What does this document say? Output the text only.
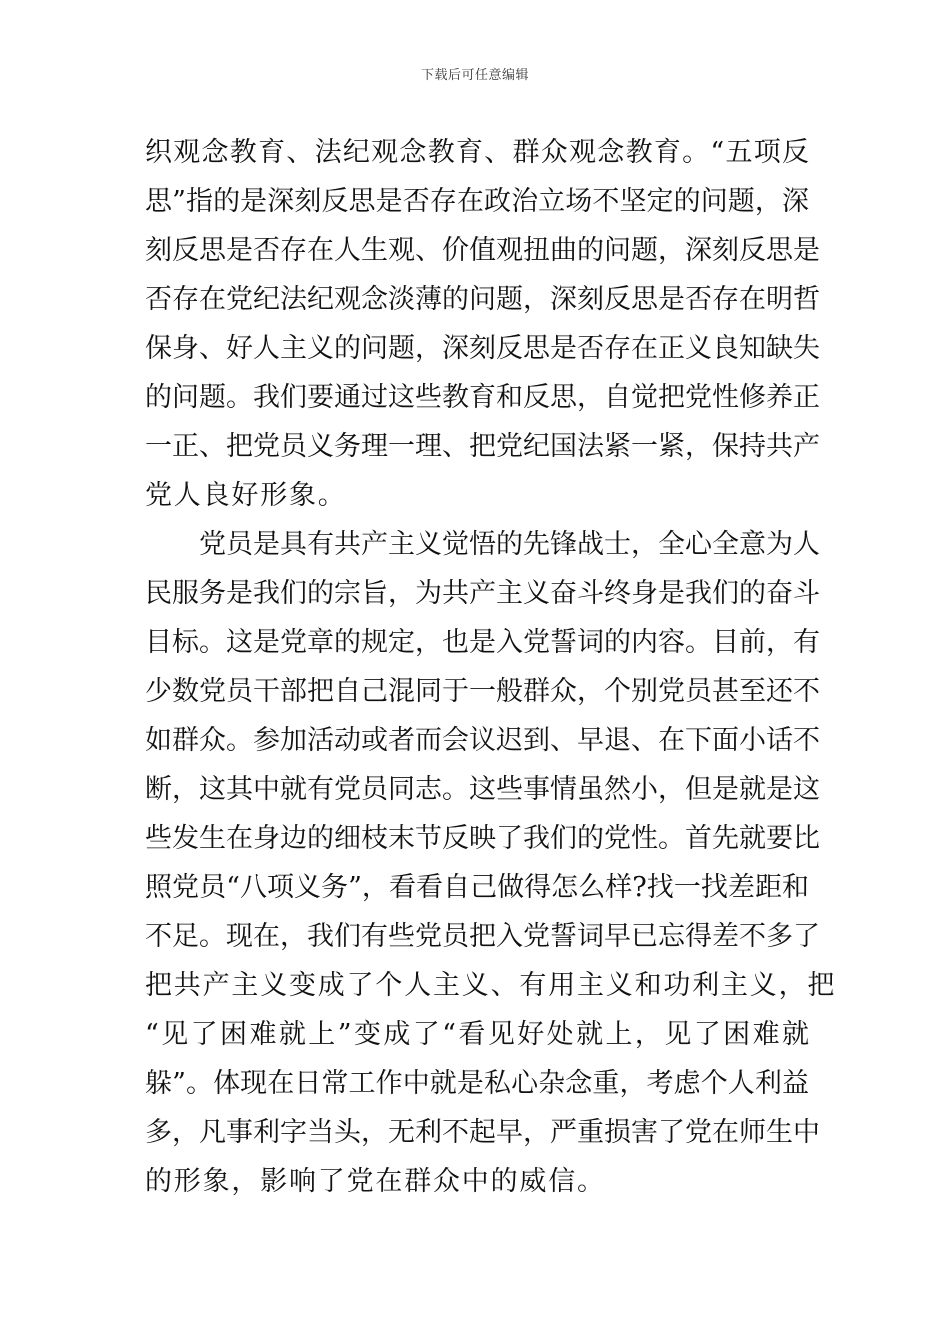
下载后可任意编辑
织观念教育、法纪观念教育、群众观念教育。“五项反
思”指的是深刻反思是否存在政治立场不坚定的问题，深
刻反思是否存在人生观、价值观扭曲的问题，深刻反思是
否存在党纪法纪观念淡薄的问题，深刻反思是否存在明哲
保身、好人主义的问题，深刻反思是否存在正义良知缺失
的问题。我们要通过这些教育和反思，自觉把党性修养正
一正、把党员义务理一理、把党纪国法紧一紧，保持共产
党人良好形象。
党员是具有共产主义觉悟的先锋战士，全心全意为人
民服务是我们的宗旨，为共产主义奋斗终身是我们的奋斗
目标。这是党章的规定，也是入党誓词的内容。目前，有
少数党员干部把自己混同于一般群众，个别党员甚至还不
如群众。参加活动或者而会议迟到、早退、在下面小话不
断，这其中就有党员同志。这些事情虽然小，但是就是这
些发生在身边的细枝末节反映了我们的党性。首先就要比
照党员“八项义务”，看看自己做得怎么样?找一找差距和
不足。现在，我们有些党员把入党誓词早已忘得差不多了
把共产主义变成了个人主义、有用主义和功利主义，把
“见了困难就上”变成了“看见好处就上，见了困难就
躲”。体现在日常工作中就是私心杂念重，考虑个人利益
多，凡事利字当头，无利不起早，严重损害了党在师生中
的形象，影响了党在群众中的威信。
